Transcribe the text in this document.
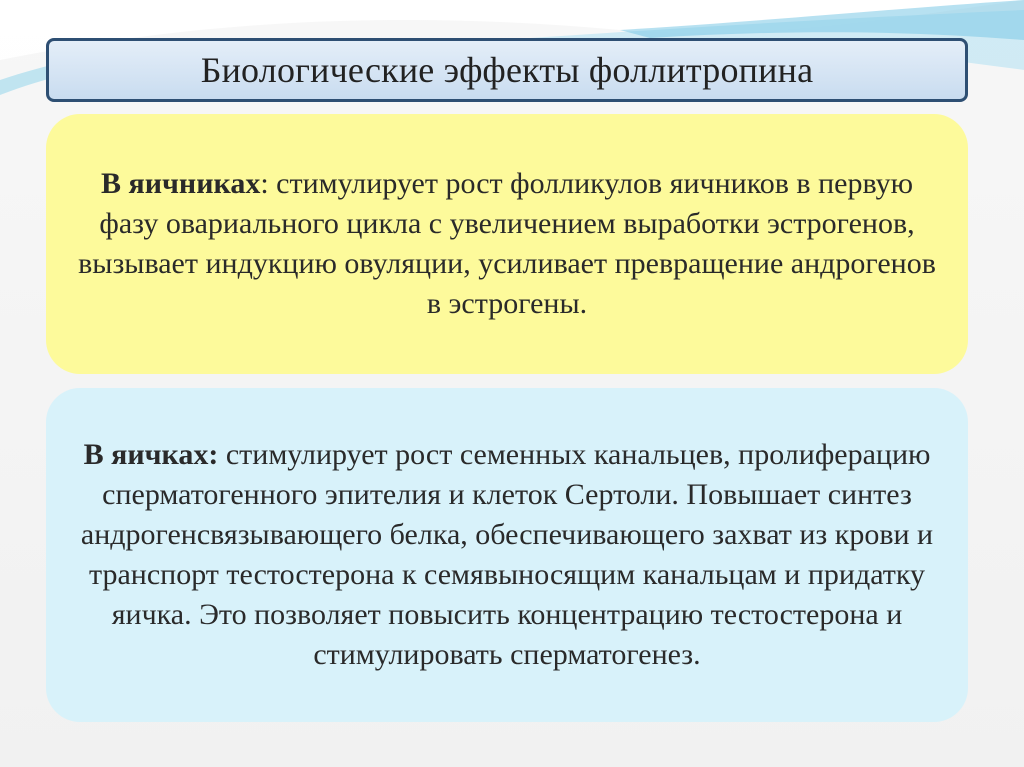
Биологические эффекты фоллитропина

В яичниках: стимулирует рост фолликулов яичников в первую фазу овариального цикла с увеличением выработки эстрогенов, вызывает индукцию овуляции, усиливает превращение андрогенов в эстрогены.

В яичках: стимулирует рост семенных канальцев, пролиферацию сперматогенного эпителия и клеток Сертоли. Повышает синтез андрогенсвязывающего белка, обеспечивающего захват из крови и транспорт тестостерона к семявыносящим канальцам и придатку яичка. Это позволяет повысить концентрацию тестостерона и стимулировать сперматогенез.
